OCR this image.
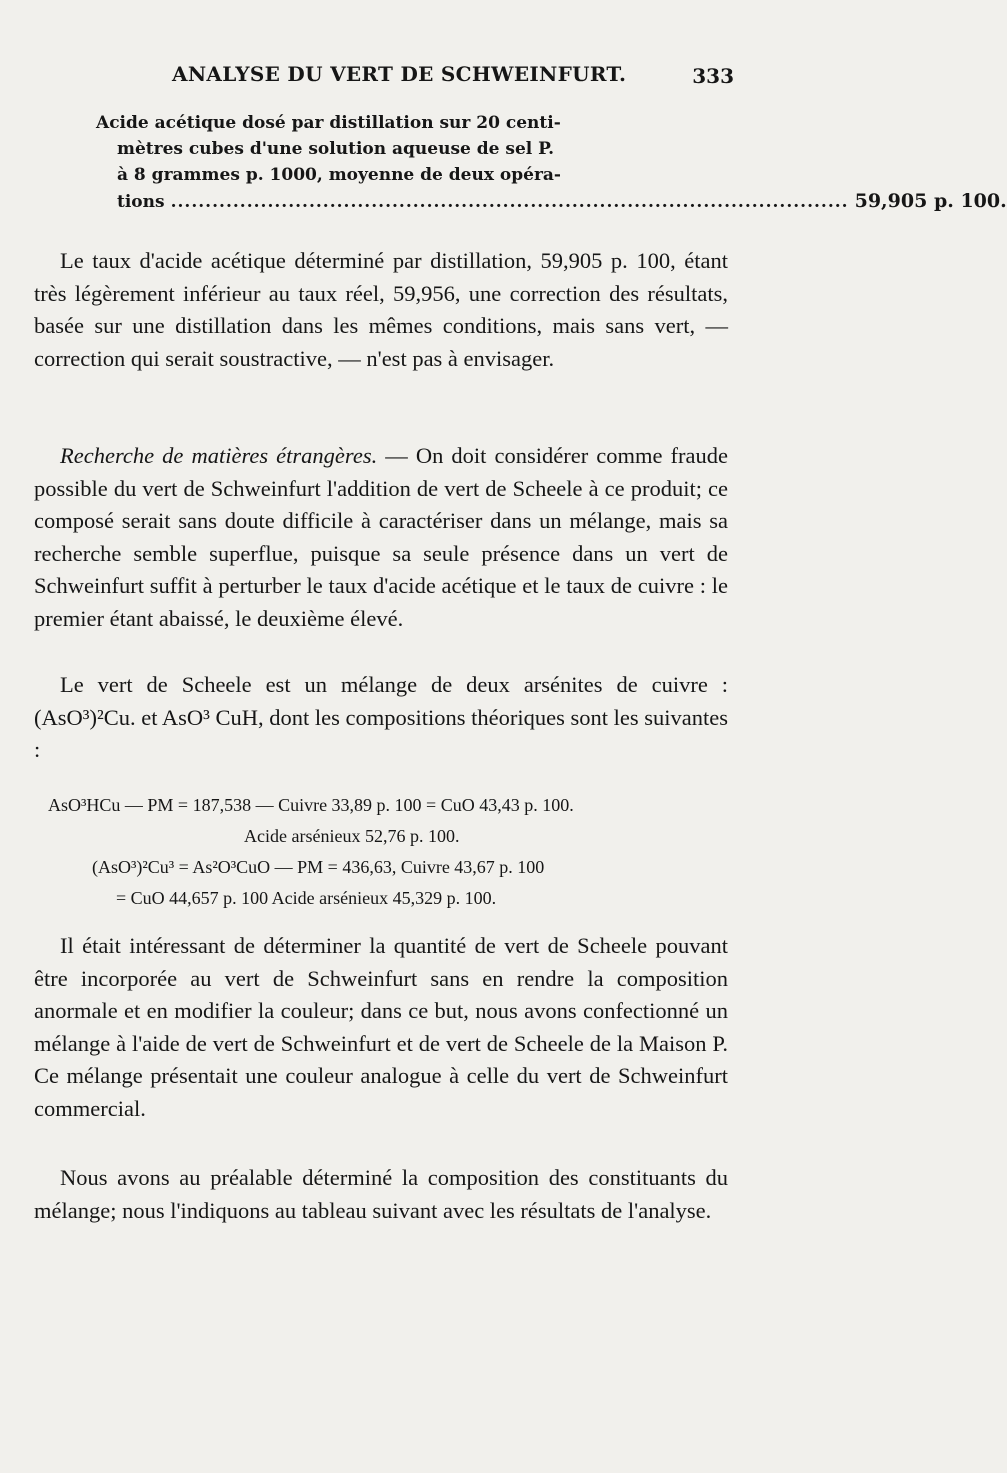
ANALYSE DU VERT DE SCHWEINFURT.	333
Acide acétique dosé par distillation sur 20 centi-
mètres cubes d'une solution aqueuse de sel P.
à 8 grammes p. 1000, moyenne de deux opéra-
tions .................................................................................................. 59,905 p. 100.
Le taux d'acide acétique déterminé par distillation, 59,905 p. 100, étant très légèrement inférieur au taux réel, 59,956, une correction des résultats, basée sur une distillation dans les mêmes conditions, mais sans vert, — correction qui serait soustractive, — n'est pas à envisager.
Recherche de matières étrangères. — On doit considérer comme fraude possible du vert de Schweinfurt l'addition de vert de Scheele à ce produit; ce composé serait sans doute difficile à caractériser dans un mélange, mais sa recherche semble superflue, puisque sa seule présence dans un vert de Schweinfurt suffit à perturber le taux d'acide acétique et le taux de cuivre : le premier étant abaissé, le deuxième élevé.
Le vert de Scheele est un mélange de deux arsénites de cuivre : (AsO³)²Cu. et AsO³ CuH, dont les compositions théoriques sont les suivantes :
AsO³HCu — PM = 187,538 — Cuivre 33,89 p. 100 = CuO 43,43 p. 100.
Acide arsénieux 52,76 p. 100.
(AsO³)²Cu³ = As²O³CuO — PM = 436,63, Cuivre 43,67 p. 100
= CuO 44,657 p. 100 Acide arsénieux 45,329 p. 100.
Il était intéressant de déterminer la quantité de vert de Scheele pouvant être incorporée au vert de Schweinfurt sans en rendre la composition anormale et en modifier la couleur; dans ce but, nous avons confectionné un mélange à l'aide de vert de Schweinfurt et de vert de Scheele de la Maison P. Ce mélange présentait une couleur analogue à celle du vert de Schweinfurt commercial.
Nous avons au préalable déterminé la composition des constituants du mélange; nous l'indiquons au tableau suivant avec les résultats de l'analyse.
